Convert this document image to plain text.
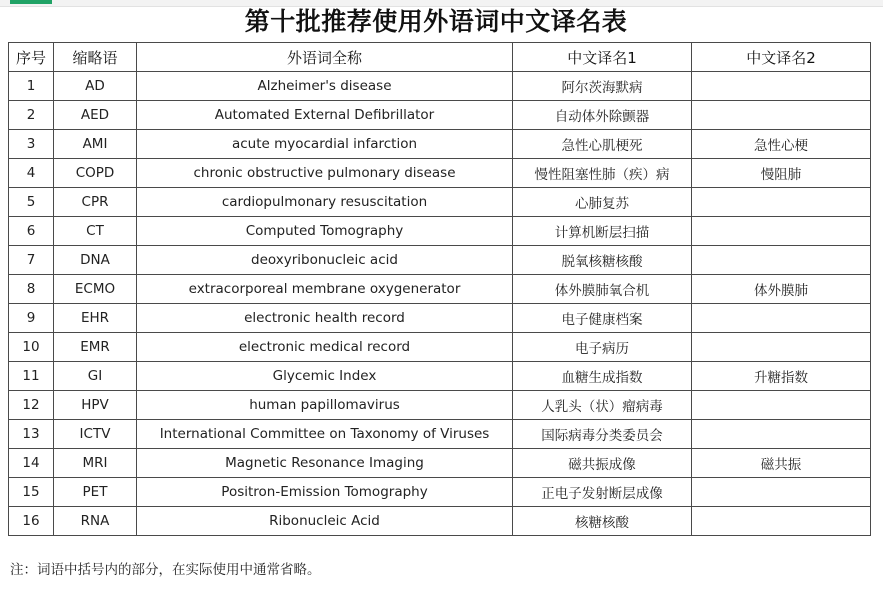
第十批推荐使用外语词中文译名表
序号	缩略语	外语词全称	中文译名1	中文译名2
1	AD	Alzheimer's disease	阿尔茨海默病	
2	AED	Automated External Defibrillator	自动体外除颤器	
3	AMI	acute myocardial infarction	急性心肌梗死	急性心梗
4	COPD	chronic obstructive pulmonary disease	慢性阻塞性肺（疾）病	慢阻肺
5	CPR	cardiopulmonary resuscitation	心肺复苏	
6	CT	Computed Tomography	计算机断层扫描	
7	DNA	deoxyribonucleic acid	脱氧核糖核酸	
8	ECMO	extracorporeal membrane oxygenerator	体外膜肺氧合机	体外膜肺
9	EHR	electronic health record	电子健康档案	
10	EMR	electronic medical record	电子病历	
11	GI	Glycemic Index	血糖生成指数	升糖指数
12	HPV	human papillomavirus	人乳头（状）瘤病毒	
13	ICTV	International Committee on Taxonomy of Viruses	国际病毒分类委员会	
14	MRI	Magnetic Resonance Imaging	磁共振成像	磁共振
15	PET	Positron-Emission Tomography	正电子发射断层成像	
16	RNA	Ribonucleic Acid	核糖核酸	
注：词语中括号内的部分，在实际使用中通常省略。
